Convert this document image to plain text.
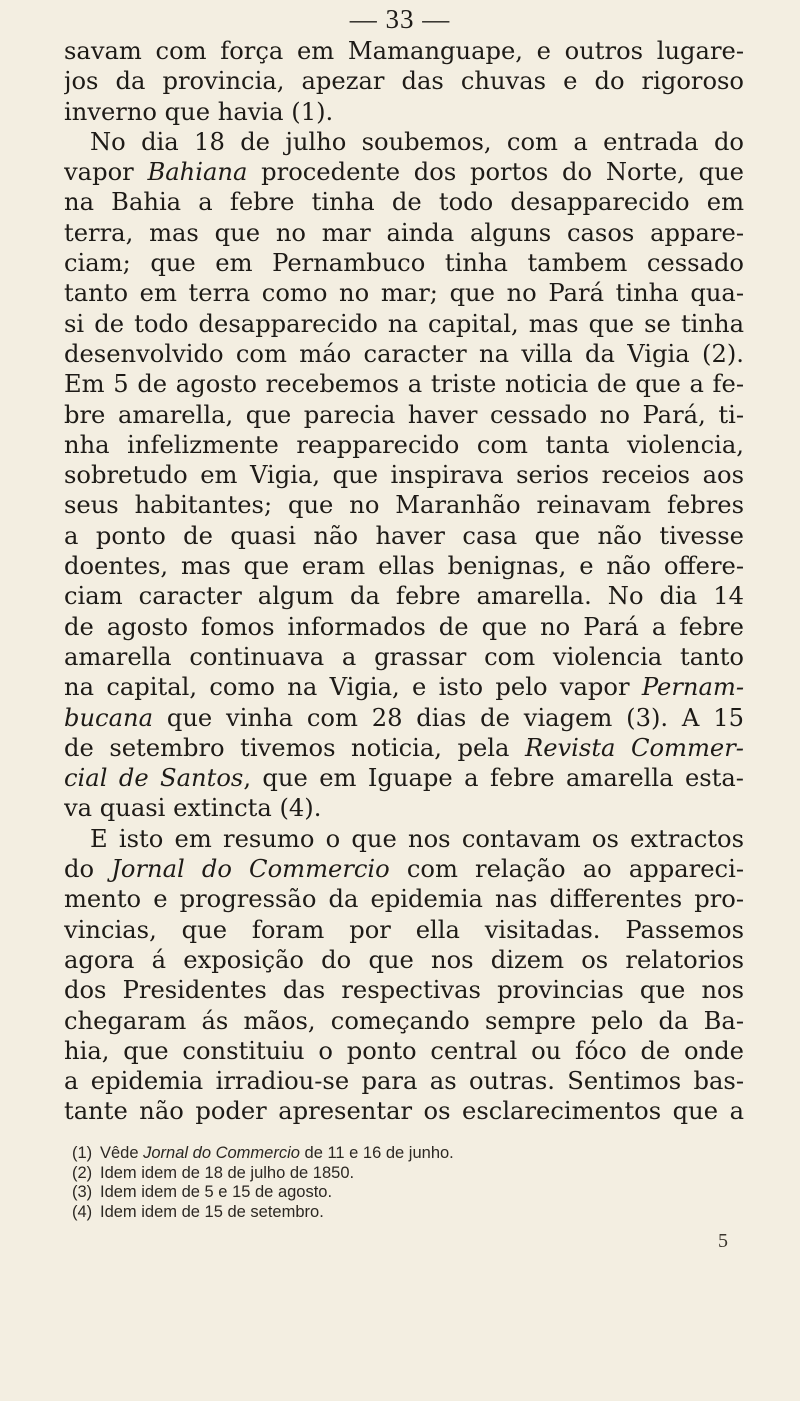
— 33 —
savam com força em Mamanguape, e outros lugare-
jos da provincia, apezar das chuvas e do rigoroso
inverno que havia (1).
No dia 18 de julho soubemos, com a entrada do
vapor Bahiana procedente dos portos do Norte, que
na Bahia a febre tinha de todo desapparecido em
terra, mas que no mar ainda alguns casos appare-
ciam; que em Pernambuco tinha tambem cessado
tanto em terra como no mar; que no Pará tinha qua-
si de todo desapparecido na capital, mas que se tinha
desenvolvido com máo caracter na villa da Vigia (2).
Em 5 de agosto recebemos a triste noticia de que a fe-
bre amarella, que parecia haver cessado no Pará, ti-
nha infelizmente reapparecido com tanta violencia,
sobretudo em Vigia, que inspirava serios receios aos
seus habitantes; que no Maranhão reinavam febres
a ponto de quasi não haver casa que não tivesse
doentes, mas que eram ellas benignas, e não offere-
ciam caracter algum da febre amarella. No dia 14
de agosto fomos informados de que no Pará a febre
amarella continuava a grassar com violencia tanto
na capital, como na Vigia, e isto pelo vapor Pernam-
bucana que vinha com 28 dias de viagem (3). A 15
de setembro tivemos noticia, pela Revista Commer-
cial de Santos, que em Iguape a febre amarella esta-
va quasi extincta (4).
E isto em resumo o que nos contavam os extractos
do Jornal do Commercio com relação ao appareci-
mento e progressão da epidemia nas differentes pro-
vincias, que foram por ella visitadas. Passemos
agora á exposição do que nos dizem os relatorios
dos Presidentes das respectivas provincias que nos
chegaram ás mãos, começando sempre pelo da Ba-
hia, que constituiu o ponto central ou fóco de onde
a epidemia irradiou-se para as outras. Sentimos bas-
tante não poder apresentar os esclarecimentos que a
(1) Vêde Jornal do Commercio de 11 e 16 de junho.
(2) Idem idem de 18 de julho de 1850.
(3) Idem idem de 5 e 15 de agosto.
(4) Idem idem de 15 de setembro.
5
